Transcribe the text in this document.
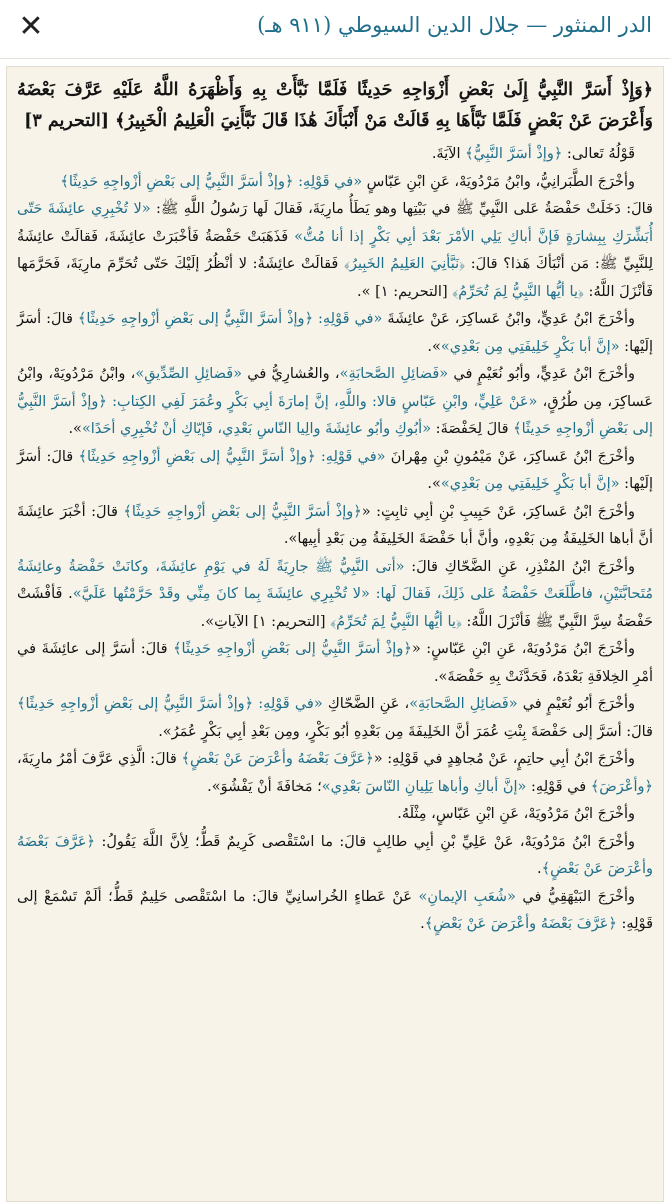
✕	الدر المنثور — جلال الدين السيوطي (٩١١ هـ)
﴿وَإِذْ أَسَرَّ النَّبِيُّ إِلَىٰ بَعْضِ أَزْوَاجِهِ حَدِيثًا فَلَمَّا نَبَّأَتْ بِهِ وَأَظْهَرَهُ اللَّهُ عَلَيْهِ عَرَّفَ بَعْضَهُ وَأَعْرَضَ عَنْ بَعْضٍ فَلَمَّا نَبَّأَهَا بِهِ قَالَتْ مَنْ أَنْبَأَكَ هَٰذَا قَالَ نَبَّأَنِيَ الْعَلِيمُ الْخَبِيرُ﴾ [التحريم ٣]

قَوْلُهُ تَعالى: ﴿وإذْ أسَرَّ النَّبِيُّ﴾ الآيَةَ.

وأخْرَجَ الطَّبَرانِيُّ، وابْنُ مَرْدُويَهْ، عَنِ ابْنِ عَبّاسٍ «في قَوْلِهِ: ﴿وإذْ أسَرَّ النَّبِيُّ إلى بَعْضِ أزْواجِهِ حَدِيثًا﴾

قالَ: دَخَلَتْ حَفْصَةُ عَلى النَّبِيِّ ﷺ في بَيْتِها وهو يَطَأُ مارِيَةَ، فَقالَ لَها رَسُولُ اللَّهِ ﷺ: «لا تُخْبِرِي عائِشَةَ حَتّى أُبَشِّرَكِ بِبِشارَةٍ فَإنَّ أباكِ يَلِي الأمْرَ بَعْدَ أبِي بَكْرٍ إذا أنا مُتُّ» فَذَهَبَتْ حَفْصَةُ فَأخْبَرَتْ عائِشَةَ، فَقالَتْ عائِشَةُ لِلنَّبِيِّ ﷺ: مَن أنْبَأكَ هَذا؟ قالَ: ﴿نَبَّأنِيَ العَلِيمُ الخَبِيرُ﴾ فَقالَتْ عائِشَةُ: لا أنْظُرُ إلَيْكَ حَتّى تُحَرِّمَ مارِيَةَ، فَحَرَّمَها فَأنْزَلَ اللَّهُ: ﴿يا أيُّها النَّبِيُّ لِمَ تُحَرِّمُ﴾ [التحريم: ١] ».

وأخْرَجَ ابْنُ عَدِيٍّ، وابْنُ عَساكِرَ، عَنْ عائِشَةَ «في قَوْلِهِ: ﴿وإذْ أسَرَّ النَّبِيُّ إلى بَعْضِ أزْواجِهِ حَدِيثًا﴾ قالَ: أسَرَّ إلَيْها: «إنَّ أبا بَكْرٍ خَلِيفَتِي مِن بَعْدِي»».

وأخْرَجَ ابْنُ عَدِيٍّ، وأبُو نُعَيْمٍ في «فَضائِلِ الصَّحابَةِ»، والعُشارِيُّ في «فَضائِلِ الصِّدِّيقِ»، وابْنُ مَرْدُويَهْ، وابْنُ عَساكِرَ، مِن طُرُقٍ، «عَنْ عَلِيٍّ، وابْنِ عَبّاسٍ قالا: واللَّهِ، إنَّ إمارَةَ أبِي بَكْرٍ وعُمَرَ لَفِي الكِتابِ: ﴿وإذْ أسَرَّ النَّبِيُّ إلى بَعْضِ أزْواجِهِ حَدِيثًا﴾ قالَ لِحَفْصَةَ: «أبُوكِ وأبُو عائِشَةَ والِيا النّاسِ بَعْدِي، فَإيّاكِ أنْ تُخْبِرِي أحَدًا»».

وأخْرَجَ ابْنُ عَساكِرَ، عَنْ مَيْمُونِ بْنِ مِهْرانَ «في قَوْلِهِ: ﴿وإذْ أسَرَّ النَّبِيُّ إلى بَعْضِ أزْواجِهِ حَدِيثًا﴾ قالَ: أسَرَّ إلَيْها: «إنَّ أبا بَكْرٍ خَلِيفَتِي مِن بَعْدِي»».

وأخْرَجَ ابْنُ عَساكِرَ، عَنْ حَبِيبِ بْنِ أبِي ثابِتٍ: «﴿وإذْ أسَرَّ النَّبِيُّ إلى بَعْضِ أزْواجِهِ حَدِيثًا﴾ قالَ: أخْبَرَ عائِشَةَ أنَّ أباها الخَلِيفَةُ مِن بَعْدِهِ، وأنَّ أبا حَفْصَةَ الخَلِيفَةُ مِن بَعْدِ أبِيها».

وأخْرَجَ ابْنُ المُنْذِرِ، عَنِ الضَّحّاكِ قالَ: «أتى النَّبِيُّ ﷺ جارِيَةً لَهُ في يَوْمِ عائِشَةَ، وكانَتْ حَفْصَةُ وعائِشَةُ مُتَحابَّتَيْنِ، فاطَّلَعَتْ حَفْصَةُ عَلى ذَلِكَ، فَقالَ لَها: «لا تُخْبِرِي عائِشَةَ بِما كانَ مِنِّي وقَدْ حَرَّمْتُها عَلَيَّ». فَأفْشَتْ حَفْصَةُ سِرَّ النَّبِيِّ ﷺ فَأنْزَلَ اللَّهُ: ﴿يا أيُّها النَّبِيُّ لِمَ تُحَرِّمُ﴾ [التحريم: ١] الآياتِ».

وأخْرَجَ ابْنُ مَرْدُويَهْ، عَنِ ابْنِ عَبّاسٍ: «﴿وإذْ أسَرَّ النَّبِيُّ إلى بَعْضِ أزْواجِهِ حَدِيثًا﴾ قالَ: أسَرَّ إلى عائِشَةَ في أمْرِ الخِلافَةِ بَعْدَهُ، فَحَدَّثَتْ بِهِ حَفْصَةَ».

وأخْرَجَ أبُو نُعَيْمٍ في «فَضائِلِ الصَّحابَةِ»، عَنِ الضَّحّاكِ «في قَوْلِهِ: ﴿وإذْ أسَرَّ النَّبِيُّ إلى بَعْضِ أزْواجِهِ حَدِيثًا﴾ قالَ: أسَرَّ إلى حَفْصَةَ بِنْتِ عُمَرَ أنَّ الخَلِيفَةَ مِن بَعْدِهِ أبُو بَكْرٍ، ومِن بَعْدِ أبِي بَكْرٍ عُمَرُ».

وأخْرَجَ ابْنُ أبِي حاتِمٍ، عَنْ مُجاهِدٍ في قَوْلِهِ: «﴿عَرَّفَ بَعْضَهُ وأعْرَضَ عَنْ بَعْضٍ﴾ قالَ: الَّذِي عَرَّفَ أمْرُ مارِيَةَ، ﴿وأعْرَضَ﴾ في قَوْلِهِ: «إنَّ أباكِ وأباها يَلِيانِ النّاسَ بَعْدِي»؛ مَخافَةَ أنْ يَفْشُوَ».

وأخْرَجَ ابْنُ مَرْدُويَهْ، عَنِ ابْنِ عَبّاسٍ، مِثْلَهُ.

وأخْرَجَ ابْنُ مَرْدُويَهْ، عَنْ عَلِيِّ بْنِ أبِي طالِبٍ قالَ: ما اسْتَقْصى كَرِيمٌ قَطُّ؛ لِأنَّ اللَّهَ يَقُولُ: ﴿عَرَّفَ بَعْضَهُ وأعْرَضَ عَنْ بَعْضٍ﴾.

وأخْرَجَ البَيْهَقِيُّ في «شُعَبِ الإيمانِ» عَنْ عَطاءٍ الخُراسانِيِّ قالَ: ما اسْتَقْصى حَلِيمٌ قَطُّ؛ ألَمْ تَسْمَعْ إلى قَوْلِهِ: ﴿عَرَّفَ بَعْضَهُ وأعْرَضَ عَنْ بَعْضٍ﴾.
